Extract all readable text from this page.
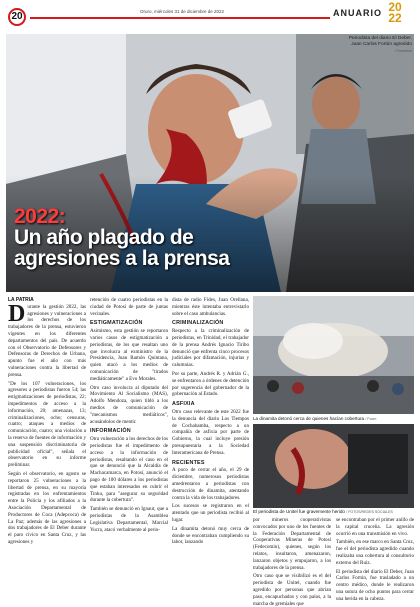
20	Oruro, miércoles 31 de diciembre de 2022	ANUARIO 20
22
Periodista del diario El Deber,
Juan Carlos Fortún agredido
/ Fcom/exe
2022:
Un año plagado de
agresiones a la prensa
LA PATRIA

Durante la gestión 2022, las agresiones y vulneraciones a los derechos de los trabajadores de la prensa, estuvieron vigentes en los diferentes departamentos del país. De acuerdo con el Observatorio de Defensores y Defensoras de Derechos de Urbana, apunto fue el año con más vulneraciones contra la libertad de prensa.

"De los 107 vulneraciones, los agresores a periodistas fueron 54; las estigmatizaciones de periodistas, 22; impedimentos de acceso a la información, 20; amenazas, 13; criminalizaciones, ocho; censuras, cuatro; ataques a medios de comunicación, cuatro; una violación a la reserva de fuentes de información y una suspensión discriminatoria de publicidad oficial", señala el observatorio en su informe preliminar.

Según el observatorio, en agosto se reportaron 25 vulneraciones a la libertad de prensa, en su mayoría registradas en los enfrentamientos entre la Policía y los afiliados a la Asociación Departamental de Productores de Coca (Adepcoca) de La Paz; además de las agresiones a dos trabajadores de El Deber durante el paro cívico en Santa Cruz, y las agresiones y

retención de cuatro periodistas en la ciudad de Potosí de parte de juntas vecinales.

ESTIGMATIZACIÓN

Asimismo, esta gestión se reportaron varios casos de estigmatización a periodistas, de los que resaltan uno que involucra al exministro de la Presidencia, Juan Ramón Quintana, quien atacó a los medios de comunicación de "tirados mediáticamente" a Evo Morales.

Otro caso involucra al diputado del Movimiento Al Socialismo (MAS), Adolfo Mendoza, quien tildó a los medios de comunicación de "mecanismos mediáticos", acusándolos de mentir.

INFORMACIÓN

Otra vulneración a los derechos de los periodistas fue el impedimento de acceso a la información de periodistas, resaltando el caso en el que se denunció que la Alcaldía de Machacamarca, en Potosí, anunció el pago de 100 dólares a los periodistas que estaban interesados en cubrir el Tinku, para "asegurar su seguridad durante la cobertura".

También se denunció en Ignaut, que a periodistas de la Asamblea Legislativa Departamental, Marcial Yucra, atacó verbalmente al perio-

dista de radio Fides, Juan Orellana, mientras éste intentaba entrevistarlo sobre el caso ambulancias.

CRIMINALIZACIÓN

Respecto a la criminalización de periodistas, en Trinidad, el trabajador de la prensa Andrés Ignacio Tiribo denunció que enfrenta cinco procesos judiciales por difamación, injurias y calumnias.

Por su parte, Andrés R. y Adrián G., se enfrentaron a órdenes de detención por sugerencia del gobernador de la gobernación al Estado.

ASFIXIA

Otro caso relevante de este 2022 fue la denuncia del diario Los Tiempos de Cochabamba, respecto a un compañía de asfixia por parte de Gobierno, la cual incluye presión presupuestaria a la Sociedad Interamericana de Prensa.

RECIENTES

A poco de cerrar el año, el 29 de diciembre, numerosos periodistas amedrentaron a periodistas con destrucción de dinamita, atentando contra la vida de los trabajadores.

Los sucesos se registraron en el atentado que un periodista recibió al lugar.

La dinamita detonó muy cerca de donde se encontraban cumpliendo su labor, lanzando

La dinamita detonó cerca de quienes hacían cobertura / Fcom
El periodista de Unitel fue gravemente herido / FOTOS/REDES SOCIALES

por mineros cooperativistas convocados por uno de los fuentes de la Federación Departamental de Cooperativas Mineras de Potosí (Fedecomin), quienes, según los relatos, insultaron, amenazaron, lanzaron objetos y empujaron, a los trabajadores de la prensa.

Otro caso que se visibilizó es el del periodista de Unitel, cuando fue agredido por personas que abrían paso, encapuchados y con palos, a la marcha de gremiales que

se encontraban por el primer anillo de la capital cruceña. La agresión ocurrió en una transmisión en vivo.

También, en ese marco en Santa Cruz, fue el del periodista agredido cuando realizaba una cobertura al consultorio externo del Ruiz.

El periodista del diario El Deber, Juan Carlos Fortún, fue trasladado a un centro médico, donde le realizaron una sutura de ocho puntos para cerrar una herida en la cabeza.
